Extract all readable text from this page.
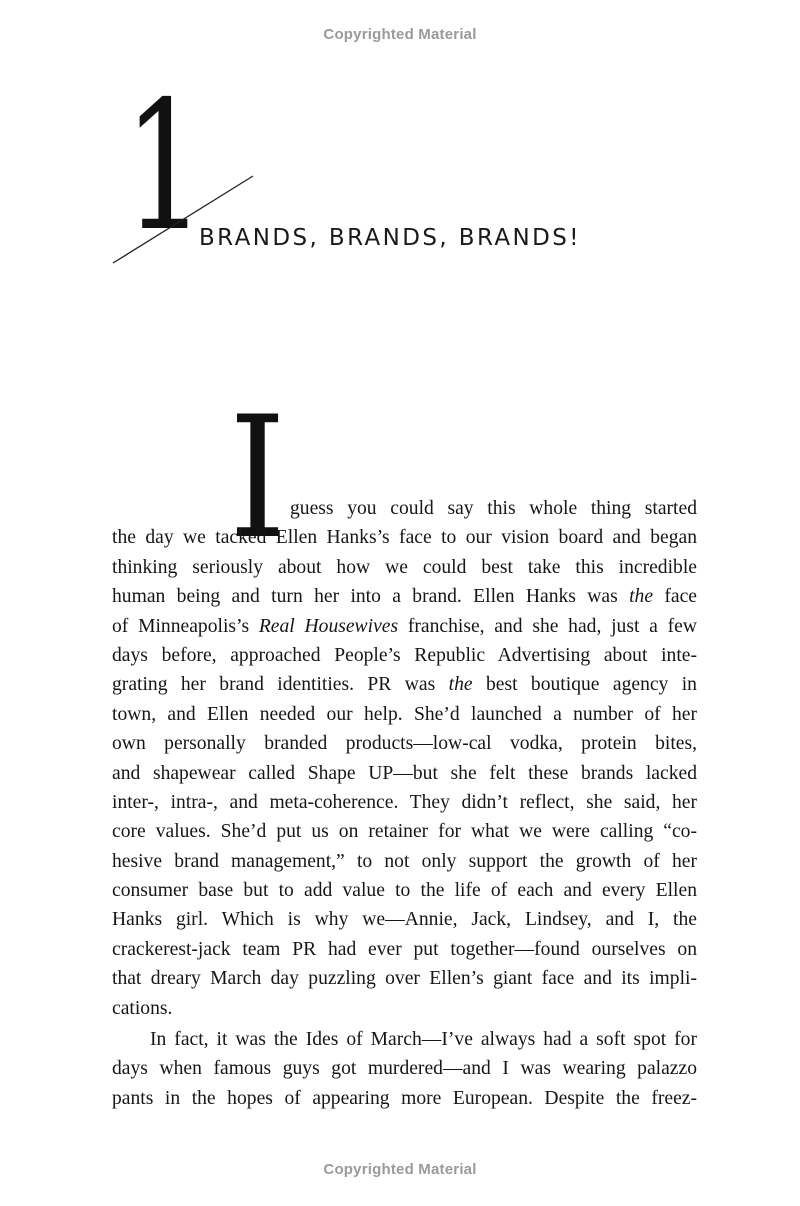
Copyrighted Material
1
BRANDS, BRANDS, BRANDS!
I guess you could say this whole thing started
the day we tacked Ellen Hanks’s face to our vision board and began
thinking seriously about how we could best take this incredible
human being and turn her into a brand. Ellen Hanks was the face
of Minneapolis’s Real Housewives franchise, and she had, just a few
days before, approached People’s Republic Advertising about inte-
grating her brand identities. PR was the best boutique agency in
town, and Ellen needed our help. She’d launched a number of her
own personally branded products—low-cal vodka, protein bites,
and shapewear called Shape UP—but she felt these brands lacked
inter-, intra-, and meta-coherence. They didn’t reflect, she said, her
core values. She’d put us on retainer for what we were calling “co-
hesive brand management,” to not only support the growth of her
consumer base but to add value to the life of each and every Ellen
Hanks girl. Which is why we—Annie, Jack, Lindsey, and I, the
crackerest-jack team PR had ever put together—found ourselves on
that dreary March day puzzling over Ellen’s giant face and its impli-
cations.
In fact, it was the Ides of March—I’ve always had a soft spot for
days when famous guys got murdered—and I was wearing palazzo
pants in the hopes of appearing more European. Despite the freez-
Copyrighted Material
